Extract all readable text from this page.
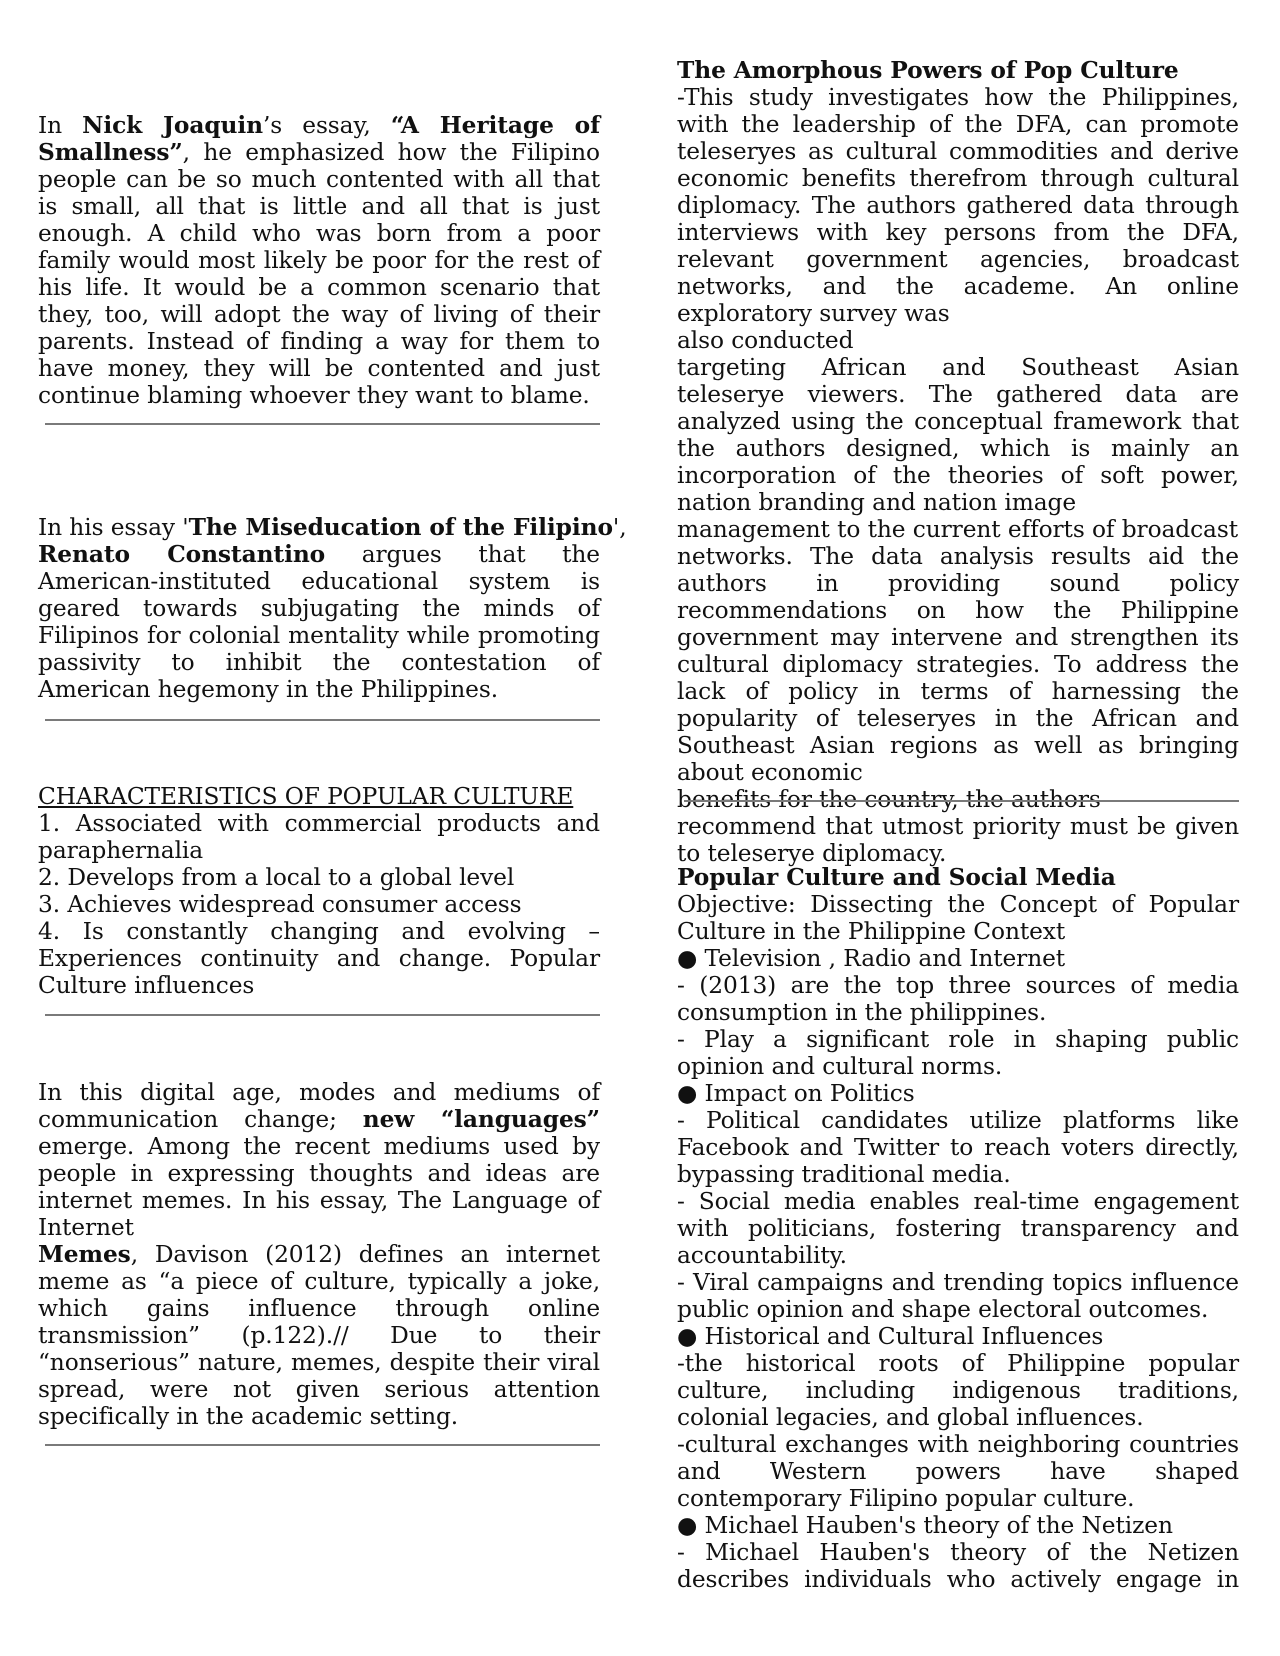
In Nick Joaquin’s essay, “A Heritage of
Smallness”, he emphasized how the Filipino

people can be so much contented with all that is small, all that is little and all that is just enough. A child who was born from a poor family would most likely be poor for the rest of his life. It would be a common scenario that they, too, will adopt the way of living of their parents. Instead of finding a way for them to have money, they will be contented and just continue blaming whoever they want to blame.

In his essay 'The Miseducation of the Filipino',
Renato Constantino argues that the

American-instituted educational system is geared towards subjugating the minds of Filipinos for colonial mentality while promoting passivity to inhibit the contestation of American hegemony in the Philippines.

CHARACTERISTICS OF POPULAR CULTURE

1. Associated with commercial products and paraphernalia

2. Develops from a local to a global level

3. Achieves widespread consumer access

4. Is constantly changing and evolving – Experiences continuity and change. Popular Culture influences

In this digital age, modes and mediums of communication change; new “languages” emerge. Among the recent mediums used by people in expressing thoughts and ideas are internet memes. In his essay, The Language of Internet

Memes, Davison (2012) defines an internet meme as “a piece of culture, typically a joke, which gains influence through online transmission” (p.122).// Due to their “nonserious” nature, memes, despite their viral spread, were not given serious attention specifically in the academic setting.

The Amorphous Powers of Pop Culture

-This study investigates how the Philippines, with the leadership of the DFA, can promote teleseryes as cultural commodities and derive economic benefits therefrom through cultural diplomacy. The authors gathered data through interviews with key persons from the DFA, relevant government agencies, broadcast networks, and the academe. An online exploratory survey was

also conducted

targeting African and Southeast Asian teleserye viewers. The gathered data are analyzed using the conceptual framework that the authors designed, which is mainly an incorporation of the theories of soft power, nation branding and nation image

management to the current efforts of broadcast

networks. The data analysis results aid the authors in providing sound policy recommendations on how the Philippine government may intervene and strengthen its cultural diplomacy strategies. To address the lack of policy in terms of harnessing the popularity of teleseryes in the African and Southeast Asian regions as well as bringing about economic

benefits for the country, the authors

recommend that utmost priority must be given to teleserye diplomacy.

Popular Culture and Social Media

Objective: Dissecting the Concept of Popular Culture in the Philippine Context

● Television , Radio and Internet

- (2013) are the top three sources of media consumption in the philippines.

- Play a significant role in shaping public opinion and cultural norms.

● Impact on Politics

- Political candidates utilize platforms like Facebook and Twitter to reach voters directly, bypassing traditional media.

- Social media enables real-time engagement with politicians, fostering transparency and accountability.

- Viral campaigns and trending topics influence public opinion and shape electoral outcomes.

● Historical and Cultural Influences

-the historical roots of Philippine popular culture, including indigenous traditions, colonial legacies, and global influences.

-cultural exchanges with neighboring countries and Western powers have shaped contemporary Filipino popular culture.

● Michael Hauben's theory of the Netizen

- Michael Hauben's theory of the Netizen describes individuals who actively engage in
